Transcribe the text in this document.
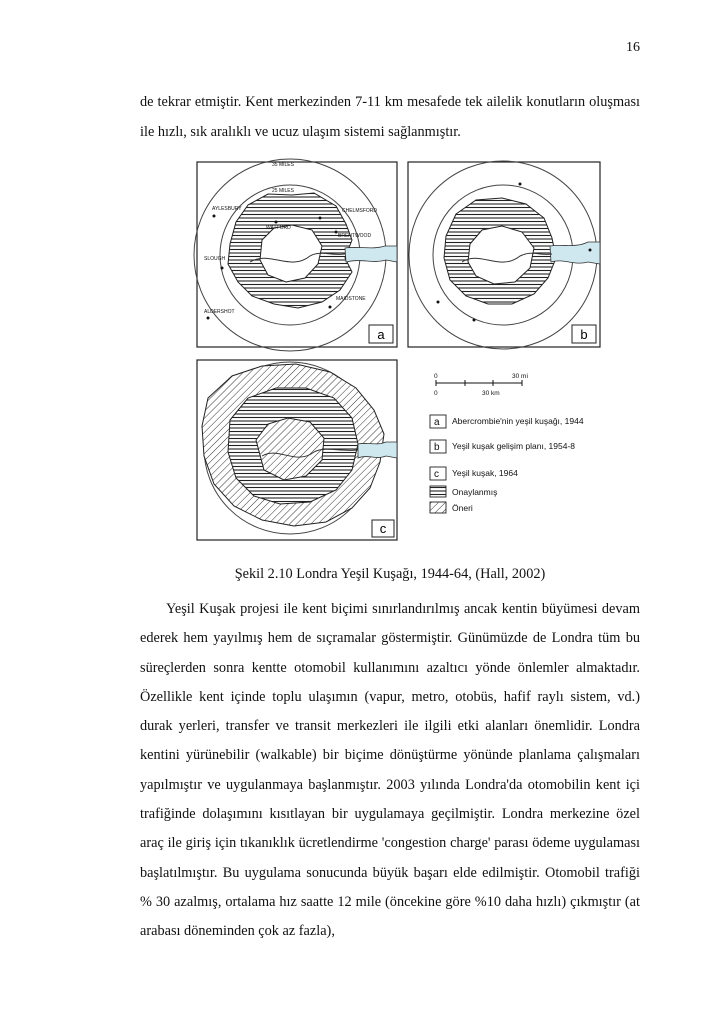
16

de tekrar etmiştir. Kent merkezinden 7-11 km mesafede tek ailelik konutların oluşması ile hızlı, sık aralıklı ve ucuz ulaşım sistemi sağlanmıştır.

a
35 MILES
25 MILES
AYLESBURY	CHELMSFORD
WATFORD
BRENTWOOD
SLOUGH
MAIDSTONE
ALDERSHOT
b
c
0	30 mi
0	30 km
a Abercrombie'nin yeşil kuşağı, 1944
b Yeşil kuşak gelişim planı, 1954-8
c Yeşil kuşak, 1964
Onaylanmış
Öneri
Şekil 2.10 Londra Yeşil Kuşağı, 1944-64, (Hall, 2002)

Yeşil Kuşak projesi ile kent biçimi sınırlandırılmış ancak kentin büyümesi devam ederek hem yayılmış hem de sıçramalar göstermiştir. Günümüzde de Londra tüm bu süreçlerden sonra kentte otomobil kullanımını azaltıcı yönde önlemler almaktadır. Özellikle kent içinde toplu ulaşımın (vapur, metro, otobüs, hafif raylı sistem, vd.) durak yerleri, transfer ve transit merkezleri ile ilgili etki alanları önemlidir. Londra kentini yürünebilir (walkable) bir biçime dönüştürme yönünde planlama çalışmaları yapılmıştır ve uygulanmaya başlanmıştır. 2003 yılında Londra'da otomobilin kent içi trafiğinde dolaşımını kısıtlayan bir uygulamaya geçilmiştir. Londra merkezine özel araç ile giriş için tıkanıklık ücretlendirme 'congestion charge' parası ödeme uygulaması başlatılmıştır. Bu uygulama sonucunda büyük başarı elde edilmiştir. Otomobil trafiği % 30 azalmış, ortalama hız saatte 12 mile (öncekine göre %10 daha hızlı) çıkmıştır (at arabası döneminden çok az fazla),
